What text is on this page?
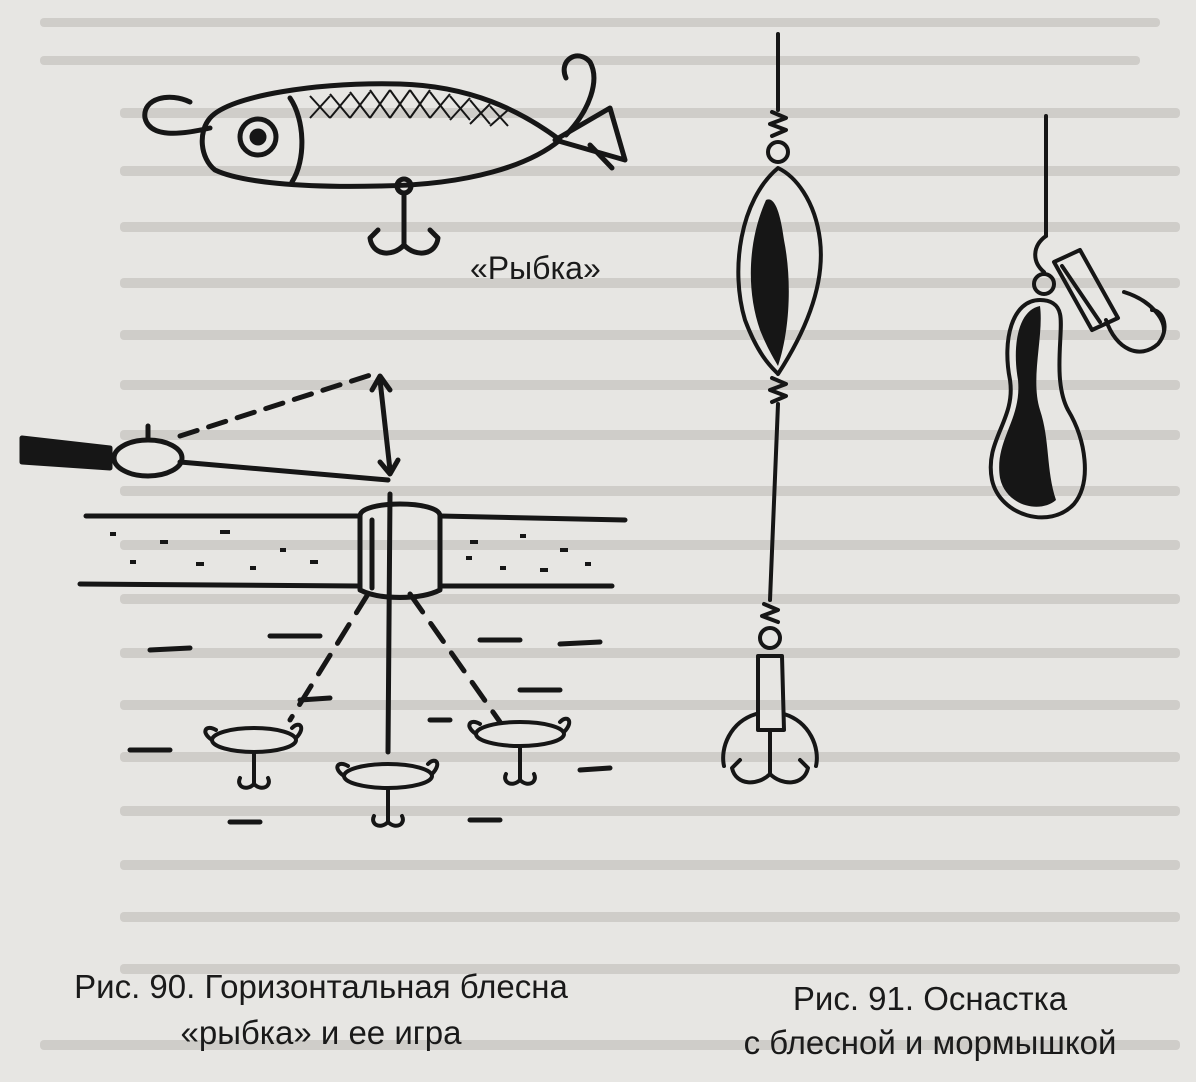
«Рыбка»

Рис. 90. Горизонтальная блесна

«рыбка» и ее игра

Рис. 91. Оснастка

с блесной и мормышкой
